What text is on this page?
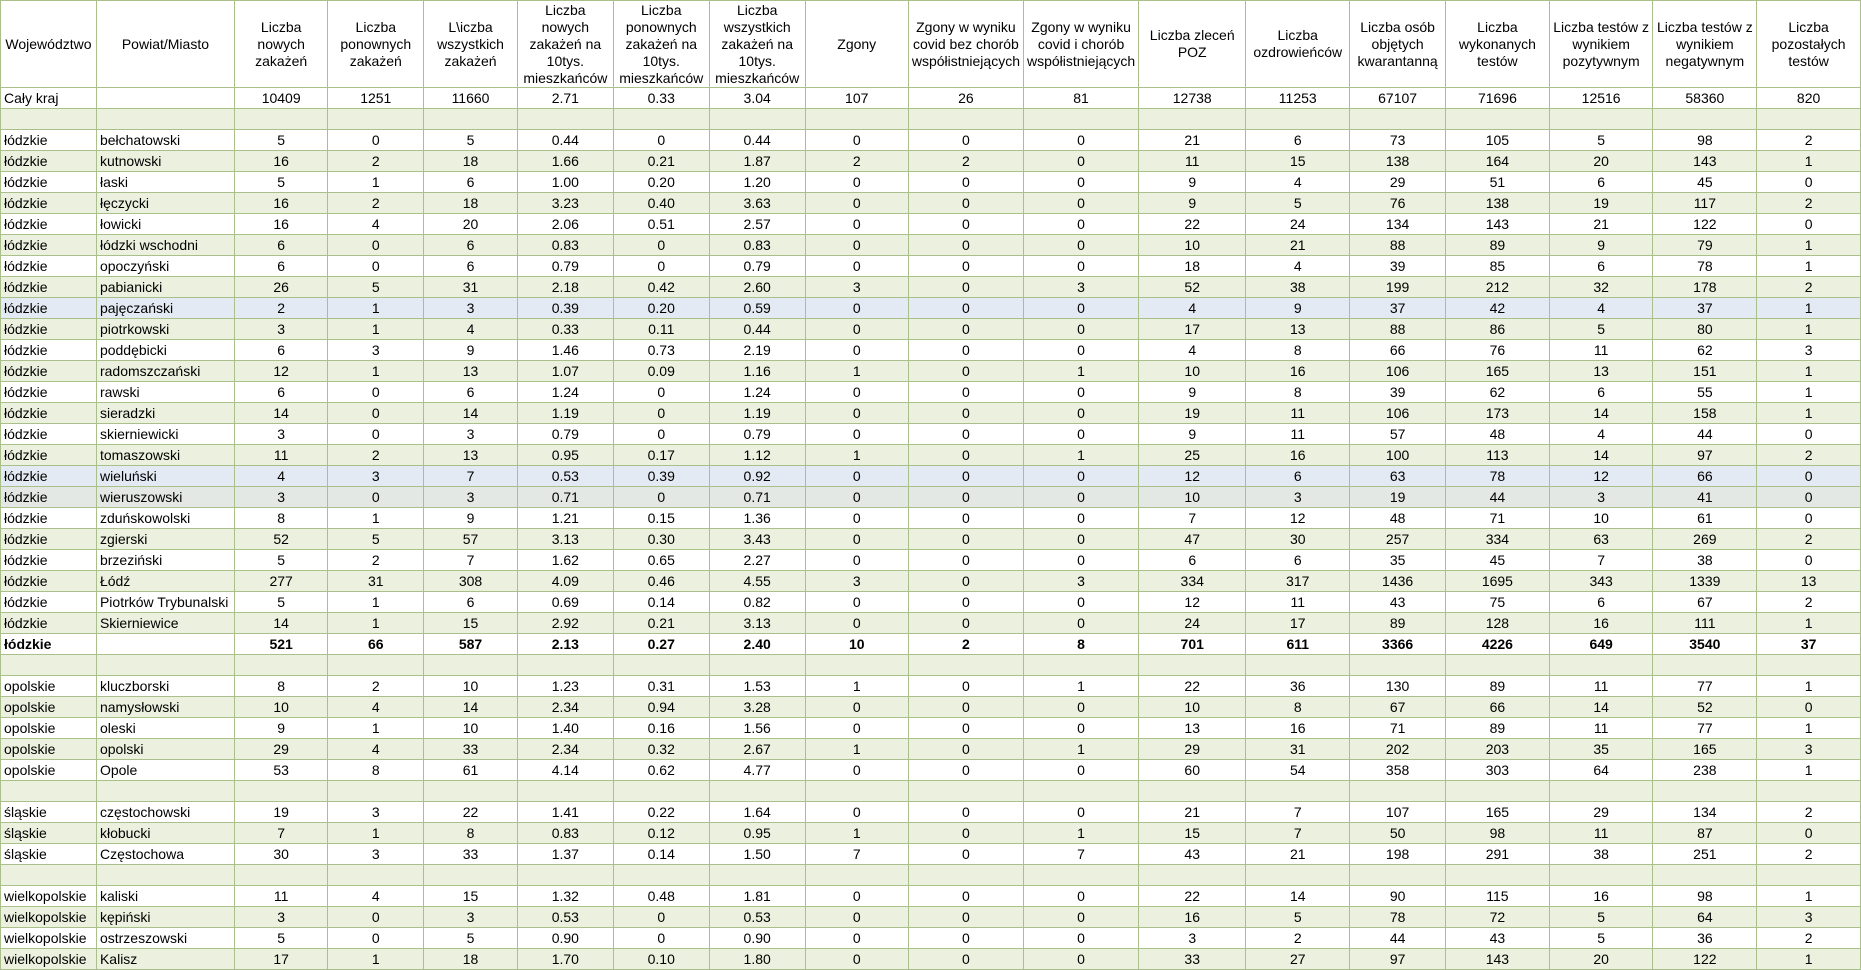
Województwo	Powiat/Miasto	Liczba nowych zakażeń	Liczba ponownych zakażeń	L\iczba wszystkich zakażeń	Liczba nowych zakażeń na 10tys. mieszkańców	Liczba ponownych zakażeń na 10tys. mieszkańców	Liczba wszystkich zakażeń na 10tys. mieszkańców	Zgony	Zgony w wyniku covid bez chorób współistniejących	Zgony w wyniku covid i chorób współistniejących	Liczba zleceń POZ	Liczba ozdrowieńców	Liczba osób objętych kwarantanną	Liczba wykonanych testów	Liczba testów z wynikiem pozytywnym	Liczba testów z wynikiem negatywnym	Liczba pozostałych testów
Cały kraj		10409	1251	11660	2.71	0.33	3.04	107	26	81	12738	11253	67107	71696	12516	58360	820

łódzkie	bełchatowski	5	0	5	0.44	0	0.44	0	0	0	21	6	73	105	5	98	2
łódzkie	kutnowski	16	2	18	1.66	0.21	1.87	2	2	0	11	15	138	164	20	143	1
łódzkie	łaski	5	1	6	1.00	0.20	1.20	0	0	0	9	4	29	51	6	45	0
łódzkie	łęczycki	16	2	18	3.23	0.40	3.63	0	0	0	9	5	76	138	19	117	2
łódzkie	łowicki	16	4	20	2.06	0.51	2.57	0	0	0	22	24	134	143	21	122	0
łódzkie	łódzki wschodni	6	0	6	0.83	0	0.83	0	0	0	10	21	88	89	9	79	1
łódzkie	opoczyński	6	0	6	0.79	0	0.79	0	0	0	18	4	39	85	6	78	1
łódzkie	pabianicki	26	5	31	2.18	0.42	2.60	3	0	3	52	38	199	212	32	178	2
łódzkie	pajęczański	2	1	3	0.39	0.20	0.59	0	0	0	4	9	37	42	4	37	1
łódzkie	piotrkowski	3	1	4	0.33	0.11	0.44	0	0	0	17	13	88	86	5	80	1
łódzkie	poddębicki	6	3	9	1.46	0.73	2.19	0	0	0	4	8	66	76	11	62	3
łódzkie	radomszczański	12	1	13	1.07	0.09	1.16	1	0	1	10	16	106	165	13	151	1
łódzkie	rawski	6	0	6	1.24	0	1.24	0	0	0	9	8	39	62	6	55	1
łódzkie	sieradzki	14	0	14	1.19	0	1.19	0	0	0	19	11	106	173	14	158	1
łódzkie	skierniewicki	3	0	3	0.79	0	0.79	0	0	0	9	11	57	48	4	44	0
łódzkie	tomaszowski	11	2	13	0.95	0.17	1.12	1	0	1	25	16	100	113	14	97	2
łódzkie	wieluński	4	3	7	0.53	0.39	0.92	0	0	0	12	6	63	78	12	66	0
łódzkie	wieruszowski	3	0	3	0.71	0	0.71	0	0	0	10	3	19	44	3	41	0
łódzkie	zduńskowolski	8	1	9	1.21	0.15	1.36	0	0	0	7	12	48	71	10	61	0
łódzkie	zgierski	52	5	57	3.13	0.30	3.43	0	0	0	47	30	257	334	63	269	2
łódzkie	brzeziński	5	2	7	1.62	0.65	2.27	0	0	0	6	6	35	45	7	38	0
łódzkie	Łódź	277	31	308	4.09	0.46	4.55	3	0	3	334	317	1436	1695	343	1339	13
łódzkie	Piotrków Trybunalski	5	1	6	0.69	0.14	0.82	0	0	0	12	11	43	75	6	67	2
łódzkie	Skierniewice	14	1	15	2.92	0.21	3.13	0	0	0	24	17	89	128	16	111	1
łódzkie		521	66	587	2.13	0.27	2.40	10	2	8	701	611	3366	4226	649	3540	37

opolskie	kluczborski	8	2	10	1.23	0.31	1.53	1	0	1	22	36	130	89	11	77	1
opolskie	namysłowski	10	4	14	2.34	0.94	3.28	0	0	0	10	8	67	66	14	52	0
opolskie	oleski	9	1	10	1.40	0.16	1.56	0	0	0	13	16	71	89	11	77	1
opolskie	opolski	29	4	33	2.34	0.32	2.67	1	0	1	29	31	202	203	35	165	3
opolskie	Opole	53	8	61	4.14	0.62	4.77	0	0	0	60	54	358	303	64	238	1

śląskie	częstochowski	19	3	22	1.41	0.22	1.64	0	0	0	21	7	107	165	29	134	2
śląskie	kłobucki	7	1	8	0.83	0.12	0.95	1	0	1	15	7	50	98	11	87	0
śląskie	Częstochowa	30	3	33	1.37	0.14	1.50	7	0	7	43	21	198	291	38	251	2

wielkopolskie	kaliski	11	4	15	1.32	0.48	1.81	0	0	0	22	14	90	115	16	98	1
wielkopolskie	kępiński	3	0	3	0.53	0	0.53	0	0	0	16	5	78	72	5	64	3
wielkopolskie	ostrzeszowski	5	0	5	0.90	0	0.90	0	0	0	3	2	44	43	5	36	2
wielkopolskie	Kalisz	17	1	18	1.70	0.10	1.80	0	0	0	33	27	97	143	20	122	1
